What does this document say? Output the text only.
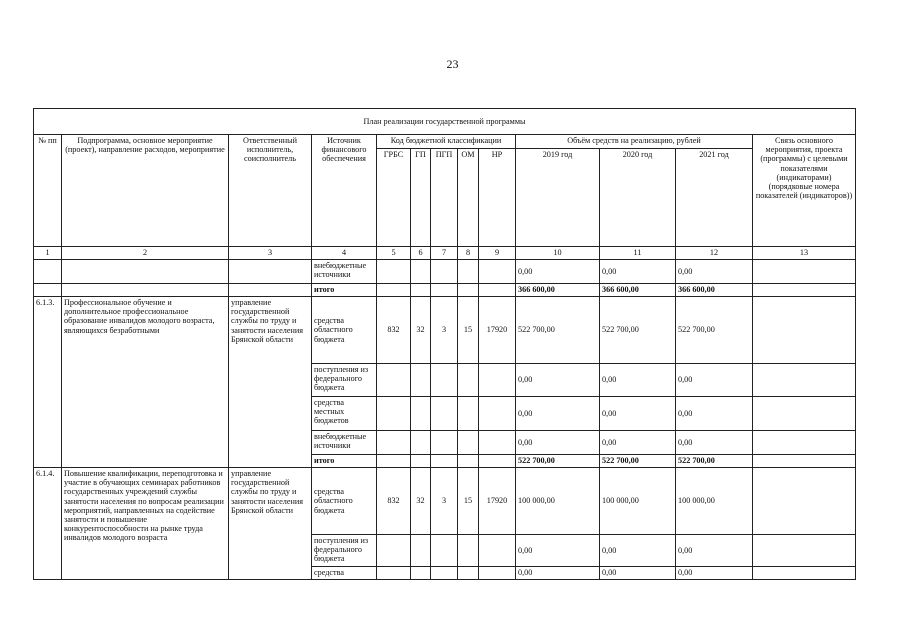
23
План реализации государственной программы												
№ пп	Подпрограмма, основное мероприятие (проект), направление расходов, мероприятие	Ответственный исполнитель, соисполнитель	Источник финансового обеспечения	Код бюджетной классификации					Объём средств на реализацию, рублей			Связь основного мероприятия, проекта (программы) с целевыми показателями (индикаторами) (порядковые номера показателей (индикаторов))
				ГРБС	ГП	ПГП	ОМ	НР	2019 год	2020 год	2021 год	
1	2	3	4	5	6	7	8	9	10	11	12	13
			внебюджетные источники						0,00	0,00	0,00	
			итого						366 600,00	366 600,00	366 600,00	
6.1.3.	Профессиональное обучение и дополнительное профессиональное образование инвалидов молодого возраста, являющихся безработными	управление государственной службы по труду и занятости населения Брянской области	средства областного бюджета	832	32	3	15	17920	522 700,00	522 700,00	522 700,00	
			поступления из федерального бюджета						0,00	0,00	0,00	
			средства местных бюджетов						0,00	0,00	0,00	
			внебюджетные источники						0,00	0,00	0,00	
			итого						522 700,00	522 700,00	522 700,00	
6.1.4.	Повышение квалификации, переподготовка и участие в обучающих семинарах работников государственных учреждений службы занятости населения по вопросам реализации мероприятий, направленных на содействие занятости и повышение конкурентоспособности на рынке труда инвалидов молодого возраста	управление государственной службы по труду и занятости населения Брянской области	средства областного бюджета	832	32	3	15	17920	100 000,00	100 000,00	100 000,00	
			поступления из федерального бюджета						0,00	0,00	0,00	
			средства						0,00	0,00	0,00	
